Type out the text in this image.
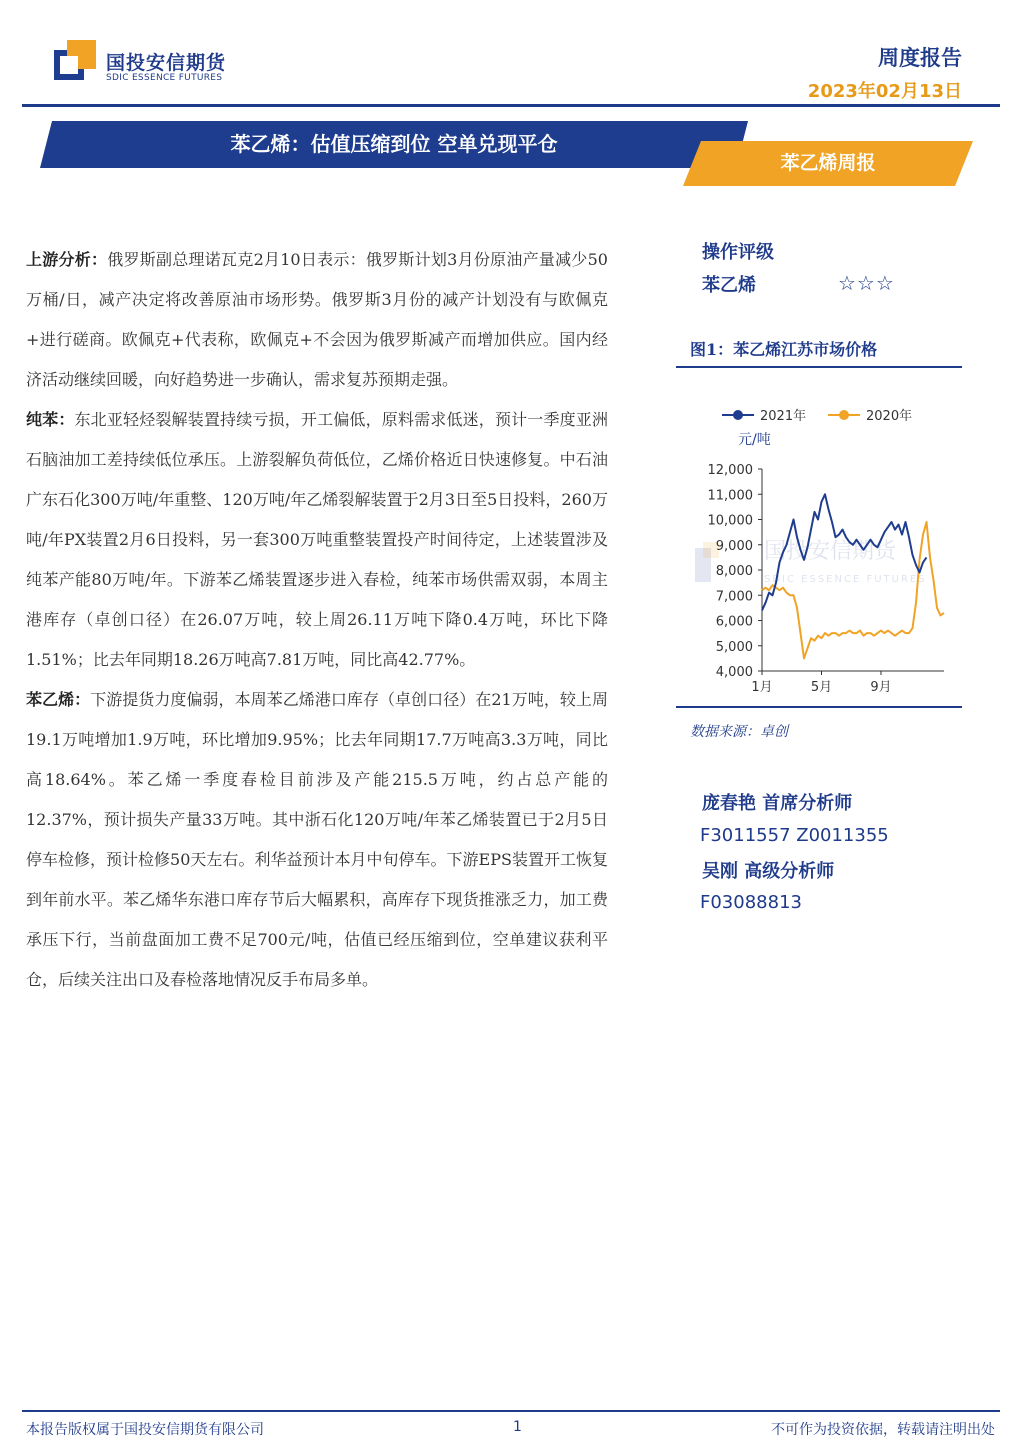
国投安信期货
SDIC ESSENCE FUTURES
周度报告
2023年02月13日
苯乙烯：估值压缩到位 空单兑现平仓
苯乙烯周报

上游分析：俄罗斯副总理诺瓦克2月10日表示：俄罗斯计划3月份原油产量减少50万桶/日，减产决定将改善原油市场形势。俄罗斯3月份的减产计划没有与欧佩克+进行磋商。欧佩克+代表称，欧佩克+不会因为俄罗斯减产而增加供应。国内经济活动继续回暖，向好趋势进一步确认，需求复苏预期走强。

纯苯：东北亚轻烃裂解装置持续亏损，开工偏低，原料需求低迷，预计一季度亚洲石脑油加工差持续低位承压。上游裂解负荷低位，乙烯价格近日快速修复。中石油广东石化300万吨/年重整、120万吨/年乙烯裂解装置于2月3日至5日投料，260万吨/年PX装置2月6日投料，另一套300万吨重整装置投产时间待定，上述装置涉及纯苯产能80万吨/年。下游苯乙烯装置逐步进入春检，纯苯市场供需双弱，本周主港库存（卓创口径）在26.07万吨，较上周26.11万吨下降0.4万吨，环比下降1.51%；比去年同期18.26万吨高7.81万吨，同比高42.77%。

苯乙烯：下游提货力度偏弱，本周苯乙烯港口库存（卓创口径）在21万吨，较上周19.1万吨增加1.9万吨，环比增加9.95%；比去年同期17.7万吨高3.3万吨，同比高18.64%。苯乙烯一季度春检目前涉及产能215.5万吨，约占总产能的12.37%，预计损失产量33万吨。其中浙石化120万吨/年苯乙烯装置已于2月5日停车检修，预计检修50天左右。利华益预计本月中旬停车。下游EPS装置开工恢复到年前水平。苯乙烯华东港口库存节后大幅累积，高库存下现货推涨乏力，加工费承压下行，当前盘面加工费不足700元/吨，估值已经压缩到位，空单建议获利平仓，后续关注出口及春检落地情况反手布局多单。

操作评级
苯乙烯	☆☆☆
图1：苯乙烯江苏市场价格
国投安信期货
SDIC ESSENCE FUTURES
2021年	2020年
元/吨
4,000
5,000
6,000
7,000
8,000
9,000
10,000
11,000
12,000
1月	5月	9月
数据来源：卓创
庞春艳 首席分析师
F3011557 Z0011355
吴刚 高级分析师
F03088813
本报告版权属于国投安信期货有限公司	1	不可作为投资依据，转载请注明出处
